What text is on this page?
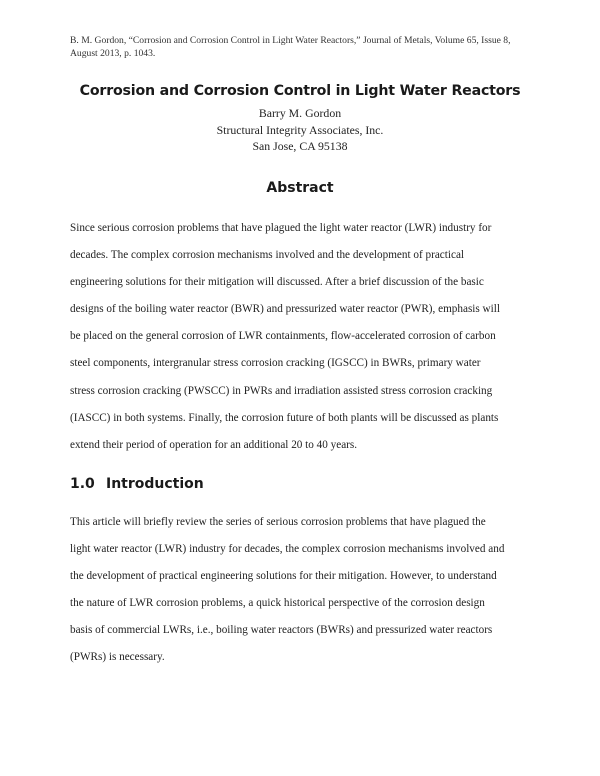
B. M. Gordon, “Corrosion and Corrosion Control in Light Water Reactors,” Journal of Metals, Volume 65, Issue 8,
August 2013, p. 1043.
Corrosion and Corrosion Control in Light Water Reactors
Barry M. Gordon
Structural Integrity Associates, Inc.
San Jose, CA 95138
Abstract
Since serious corrosion problems that have plagued the light water reactor (LWR) industry for
decades. The complex corrosion mechanisms involved and the development of practical
engineering solutions for their mitigation will discussed. After a brief discussion of the basic
designs of the boiling water reactor (BWR) and pressurized water reactor (PWR), emphasis will
be placed on the general corrosion of LWR containments, flow-accelerated corrosion of carbon
steel components, intergranular stress corrosion cracking (IGSCC) in BWRs, primary water
stress corrosion cracking (PWSCC) in PWRs and irradiation assisted stress corrosion cracking
(IASCC) in both systems. Finally, the corrosion future of both plants will be discussed as plants
extend their period of operation for an additional 20 to 40 years.
1.0 Introduction
This article will briefly review the series of serious corrosion problems that have plagued the
light water reactor (LWR) industry for decades, the complex corrosion mechanisms involved and
the development of practical engineering solutions for their mitigation. However, to understand
the nature of LWR corrosion problems, a quick historical perspective of the corrosion design
basis of commercial LWRs, i.e., boiling water reactors (BWRs) and pressurized water reactors
(PWRs) is necessary.
